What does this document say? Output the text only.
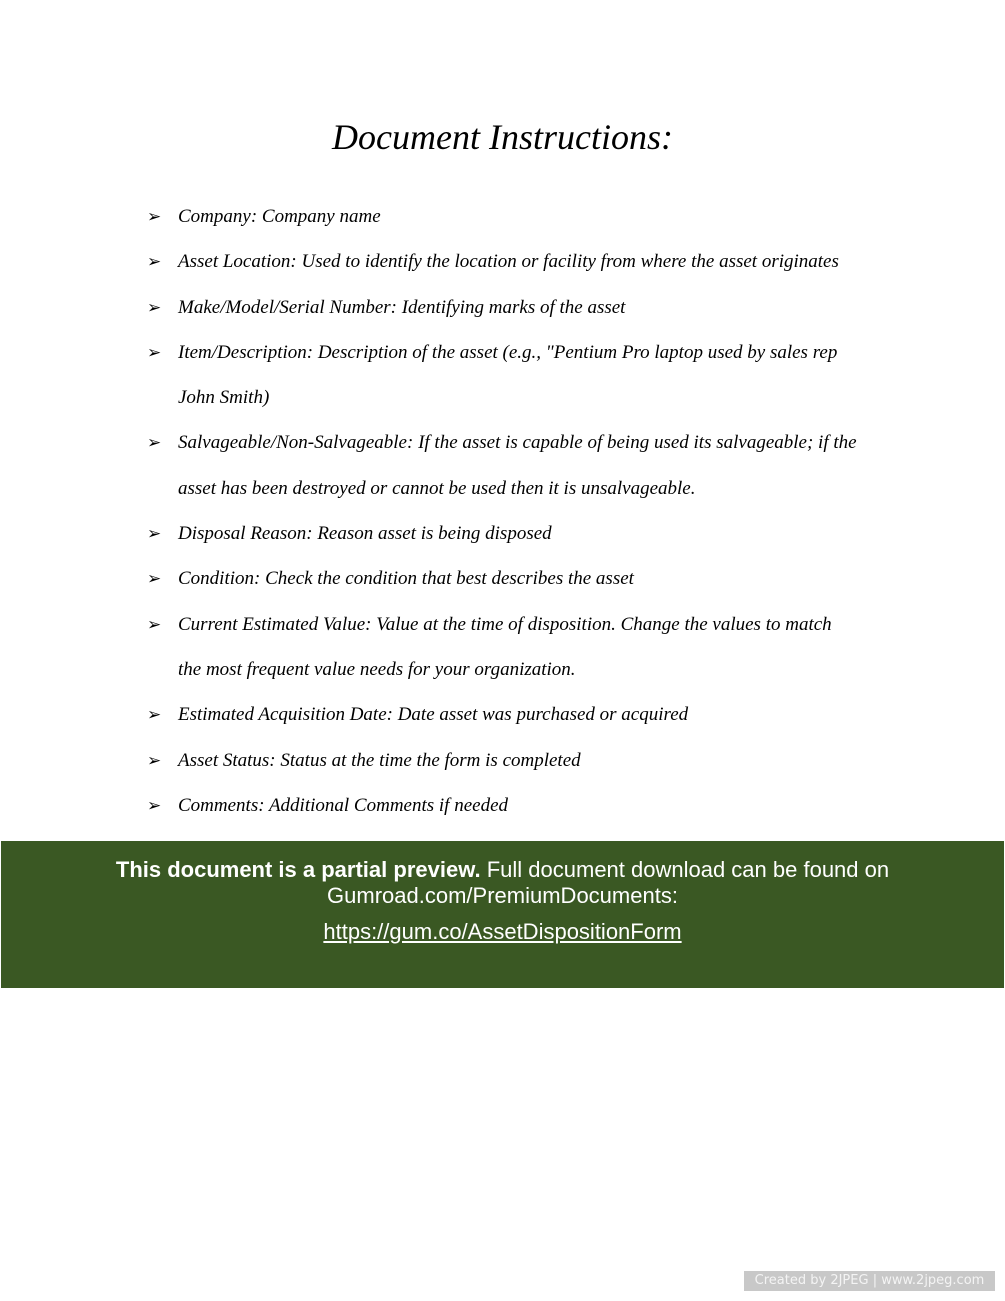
Document Instructions:
➢ Company: Company name
➢ Asset Location: Used to identify the location or facility from where the asset originates
➢ Make/Model/Serial Number: Identifying marks of the asset
➢ Item/Description: Description of the asset (e.g., "Pentium Pro laptop used by sales rep
John Smith)
➢ Salvageable/Non-Salvageable: If the asset is capable of being used its salvageable; if the
asset has been destroyed or cannot be used then it is unsalvageable.
➢ Disposal Reason: Reason asset is being disposed
➢ Condition: Check the condition that best describes the asset
➢ Current Estimated Value: Value at the time of disposition. Change the values to match
the most frequent value needs for your organization.
➢ Estimated Acquisition Date: Date asset was purchased or acquired
➢ Asset Status: Status at the time the form is completed
➢ Comments: Additional Comments if needed
This document is a partial preview. Full document download can be found on
Gumroad.com/PremiumDocuments:
https://gum.co/AssetDispositionForm
Created by 2JPEG | www.2jpeg.com
